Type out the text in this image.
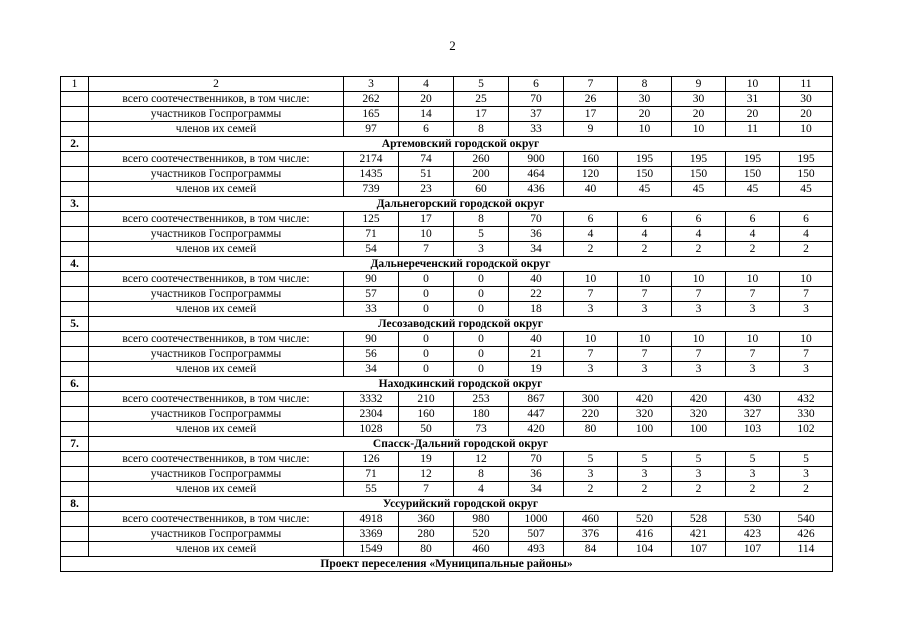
2
1	2	3	4	5	6	7	8	9	10	11
	всего соотечественников, в том числе:	262	20	25	70	26	30	30	31	30
	участников Госпрограммы	165	14	17	37	17	20	20	20	20
	членов их семей	97	6	8	33	9	10	10	11	10
2.	Артемовский городской округ									
	всего соотечественников, в том числе:	2174	74	260	900	160	195	195	195	195
	участников Госпрограммы	1435	51	200	464	120	150	150	150	150
	членов их семей	739	23	60	436	40	45	45	45	45
3.	Дальнегорский городской округ									
	всего соотечественников, в том числе:	125	17	8	70	6	6	6	6	6
	участников Госпрограммы	71	10	5	36	4	4	4	4	4
	членов их семей	54	7	3	34	2	2	2	2	2
4.	Дальнереченский городской округ									
	всего соотечественников, в том числе:	90	0	0	40	10	10	10	10	10
	участников Госпрограммы	57	0	0	22	7	7	7	7	7
	членов их семей	33	0	0	18	3	3	3	3	3
5.	Лесозаводский городской округ									
	всего соотечественников, в том числе:	90	0	0	40	10	10	10	10	10
	участников Госпрограммы	56	0	0	21	7	7	7	7	7
	членов их семей	34	0	0	19	3	3	3	3	3
6.	Находкинский городской округ									
	всего соотечественников, в том числе:	3332	210	253	867	300	420	420	430	432
	участников Госпрограммы	2304	160	180	447	220	320	320	327	330
	членов их семей	1028	50	73	420	80	100	100	103	102
7.	Спасск-Дальний городской округ									
	всего соотечественников, в том числе:	126	19	12	70	5	5	5	5	5
	участников Госпрограммы	71	12	8	36	3	3	3	3	3
	членов их семей	55	7	4	34	2	2	2	2	2
8.	Уссурийский городской округ									
	всего соотечественников, в том числе:	4918	360	980	1000	460	520	528	530	540
	участников Госпрограммы	3369	280	520	507	376	416	421	423	426
	членов их семей	1549	80	460	493	84	104	107	107	114
Проект переселения «Муниципальные районы»										
